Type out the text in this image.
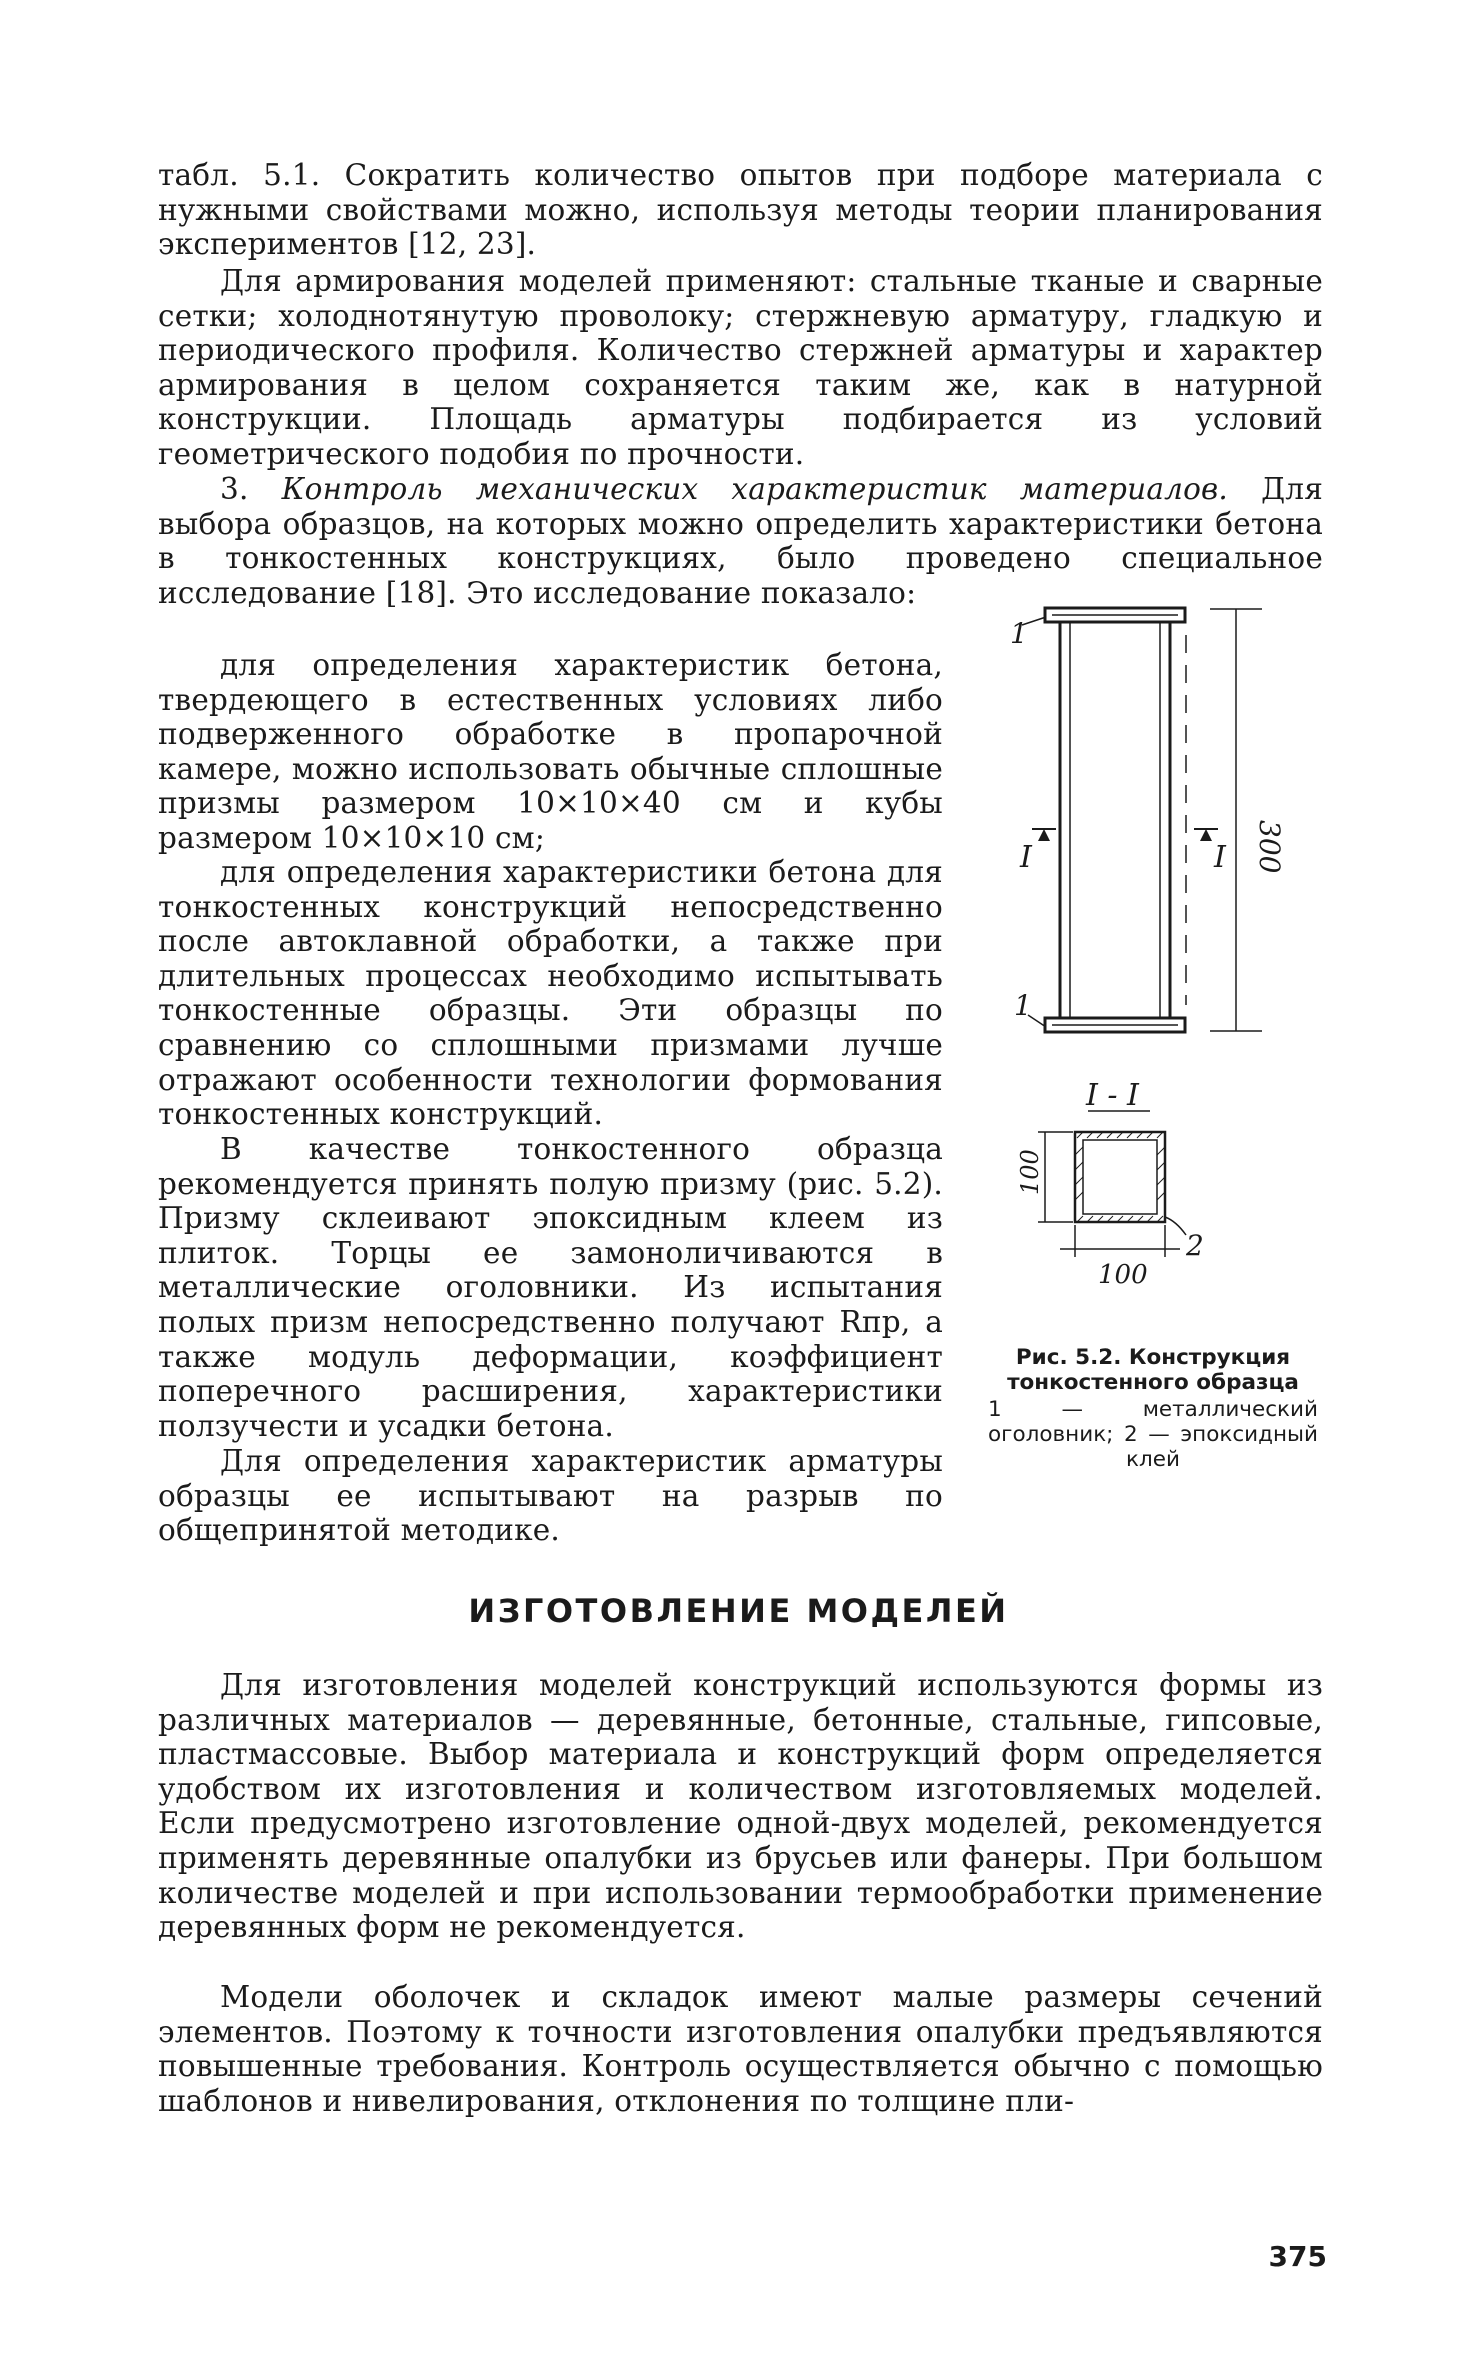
табл. 5.1. Сократить количество опытов при подборе материала с нужными свойствами можно, используя методы теории планирования экспериментов [12, 23].

Для армирования моделей применяют: стальные тканые и сварные сетки; холоднотянутую проволоку; стержневую арматуру, гладкую и периодического профиля. Количество стержней арматуры и характер армирования в целом сохраняется таким же, как в натурной конструкции. Площадь арматуры подбирается из условий геометрического подобия по прочности.

3. Контроль механических характеристик материалов. Для выбора образцов, на которых можно определить характеристики бетона в тонкостенных конструкциях, было проведено специальное исследование [18]. Это исследование показало:

для определения характеристик бетона, твердеющего в естественных условиях либо подверженного обработке в пропарочной камере, можно использовать обычные сплошные призмы размером 10×10×40 см и кубы размером 10×10×10 см;

для определения характеристики бетона для тонкостенных конструкций непосредственно после автоклавной обработки, а также при длительных процессах необходимо испытывать тонкостенные образцы. Эти образцы по сравнению со сплошными призмами лучше отражают особенности технологии формования тонкостенных конструкций.

В качестве тонкостенного образца рекомендуется принять полую призму (рис. 5.2). Призму склеивают эпоксидным клеем из плиток. Торцы ее замоноличиваются в металлические оголовники. Из испытания полых призм непосредственно получают Rпр, а также модуль деформации, коэффициент поперечного расширения, характеристики ползучести и усадки бетона.

Для определения характеристик арматуры образцы ее испытывают на разрыв по общепринятой методике.

ИЗГОТОВЛЕНИЕ МОДЕЛЕЙ

Для изготовления моделей конструкций используются формы из различных материалов — деревянные, бетонные, стальные, гипсовые, пластмассовые. Выбор материала и конструкций форм определяется удобством их изготовления и количеством изготовляемых моделей. Если предусмотрено изготовление одной-двух моделей, рекомендуется применять деревянные опалубки из брусьев или фанеры. При большом количестве моделей и при использовании термообработки применение деревянных форм не рекомендуется.

Модели оболочек и складок имеют малые размеры сечений элементов. Поэтому к точности изготовления опалубки предъявляются повышенные требования. Контроль осуществляется обычно с помощью шаблонов и нивелирования, отклонения по толщине пли-

1
1
I	I 300
I - I
100
100
2
Рис. 5.2. Конструкция тонкостенного образца
1 — металлический оголовник; 2 — эпоксидный клей
375
